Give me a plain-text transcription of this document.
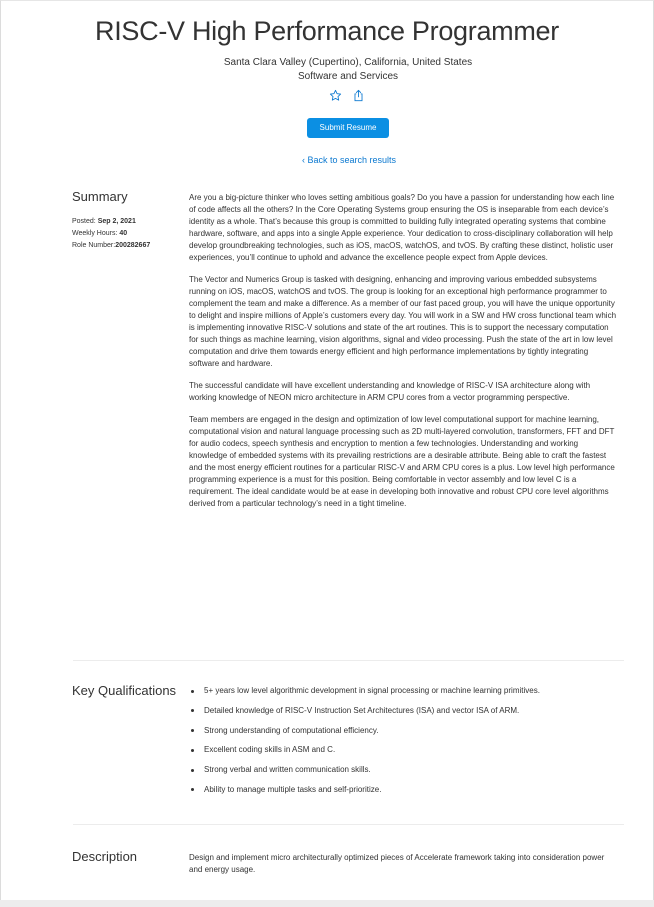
RISC-V High Performance Programmer
Santa Clara Valley (Cupertino), California, United States
Software and Services
Submit Resume
‹ Back to search results
Summary
Posted: Sep 2, 2021
Weekly Hours: 40
Role Number:200282667

Are you a big-picture thinker who loves setting ambitious goals? Do you have a passion for understanding how each line of code affects all the others? In the Core Operating Systems group ensuring the OS is inseparable from each device’s identity as a whole. That’s because this group is committed to building fully integrated operating systems that combine hardware, software, and apps into a single Apple experience. Your dedication to cross-disciplinary collaboration will help develop groundbreaking technologies, such as iOS, macOS, watchOS, and tvOS. By crafting these distinct, holistic user experiences, you’ll continue to uphold and advance the excellence people expect from Apple devices.

The Vector and Numerics Group is tasked with designing, enhancing and improving various embedded subsystems running on iOS, macOS, watchOS and tvOS. The group is looking for an exceptional high performance programmer to complement the team and make a difference. As a member of our fast paced group, you will have the unique opportunity to delight and inspire millions of Apple’s customers every day. You will work in a SW and HW cross functional team which is implementing innovative RISC-V solutions and state of the art routines. This is to support the necessary computation for such things as machine learning, vision algorithms, signal and video processing. Push the state of the art in low level computation and drive them towards energy efficient and high performance implementations by tightly integrating software and hardware.

The successful candidate will have excellent understanding and knowledge of RISC-V ISA architecture along with working knowledge of NEON micro architecture in ARM CPU cores from a vector programming perspective.

Team members are engaged in the design and optimization of low level computational support for machine learning, computational vision and natural language processing such as 2D multi-layered convolution, transformers, FFT and DFT for audio codecs, speech synthesis and encryption to mention a few technologies. Understanding and working knowledge of embedded systems with its prevailing restrictions are a desirable attribute. Being able to craft the fastest and the most energy efficient routines for a particular RISC-V and ARM CPU cores is a plus. Low level high performance programming experience is a must for this position. Being comfortable in vector assembly and low level C is a requirement. The ideal candidate would be at ease in developing both innovative and robust CPU core level algorithms derived from a particular technology’s need in a tight timeline.

Key Qualifications	5+ years low level algorithmic development in signal processing or machine learning primitives.
Detailed knowledge of RISC-V Instruction Set Architectures (ISA) and vector ISA of ARM.
Strong understanding of computational efficiency.
Excellent coding skills in ASM and C.
Strong verbal and written communication skills.
Ability to manage multiple tasks and self-prioritize.
Description	Design and implement micro architecturally optimized pieces of Accelerate framework taking into consideration power and energy usage.
